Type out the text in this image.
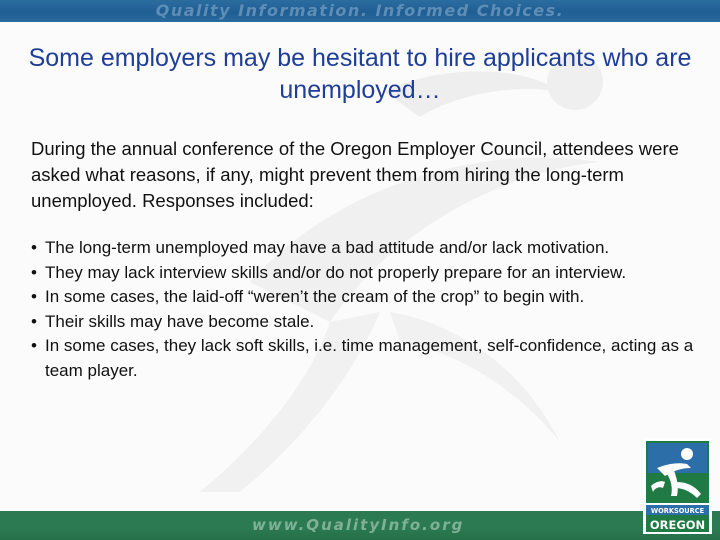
Quality Information. Informed Choices.
Some employers may be hesitant to hire applicants who are unemployed…
During the annual conference of the Oregon Employer Council, attendees were asked what reasons, if any, might prevent them from hiring the long-term unemployed. Responses included:
• The long-term unemployed may have a bad attitude and/or lack motivation.
• They may lack interview skills and/or do not properly prepare for an interview.
• In some cases, the laid-off “weren’t the cream of the crop” to begin with.
• Their skills may have become stale.
• In some cases, they lack soft skills, i.e. time management, self-confidence, acting as a team player.
www.QualityInfo.org
WORKSOURCE
OREGON
